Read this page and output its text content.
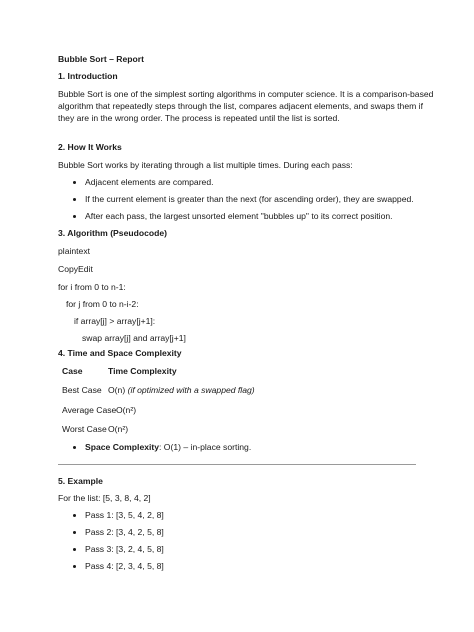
Bubble Sort – Report
1. Introduction
Bubble Sort is one of the simplest sorting algorithms in computer science. It is a comparison-based
algorithm that repeatedly steps through the list, compares adjacent elements, and swaps them if
they are in the wrong order. The process is repeated until the list is sorted.
2. How It Works
Bubble Sort works by iterating through a list multiple times. During each pass:
Adjacent elements are compared.
If the current element is greater than the next (for ascending order), they are swapped.
After each pass, the largest unsorted element "bubbles up" to its correct position.
3. Algorithm (Pseudocode)
plaintext
CopyEdit
for i from 0 to n-1:
for j from 0 to n-i-2:
if array[j] > array[j+1]:
swap array[j] and array[j+1]
4. Time and Space Complexity
Case	Time Complexity
Best Case O(n) (if optimized with a swapped flag)
Average Case O(n²)
Worst Case O(n²)
Space Complexity: O(1) – in-place sorting.
5. Example
For the list: [5, 3, 8, 4, 2]
Pass 1: [3, 5, 4, 2, 8]
Pass 2: [3, 4, 2, 5, 8]
Pass 3: [3, 2, 4, 5, 8]
Pass 4: [2, 3, 4, 5, 8]
